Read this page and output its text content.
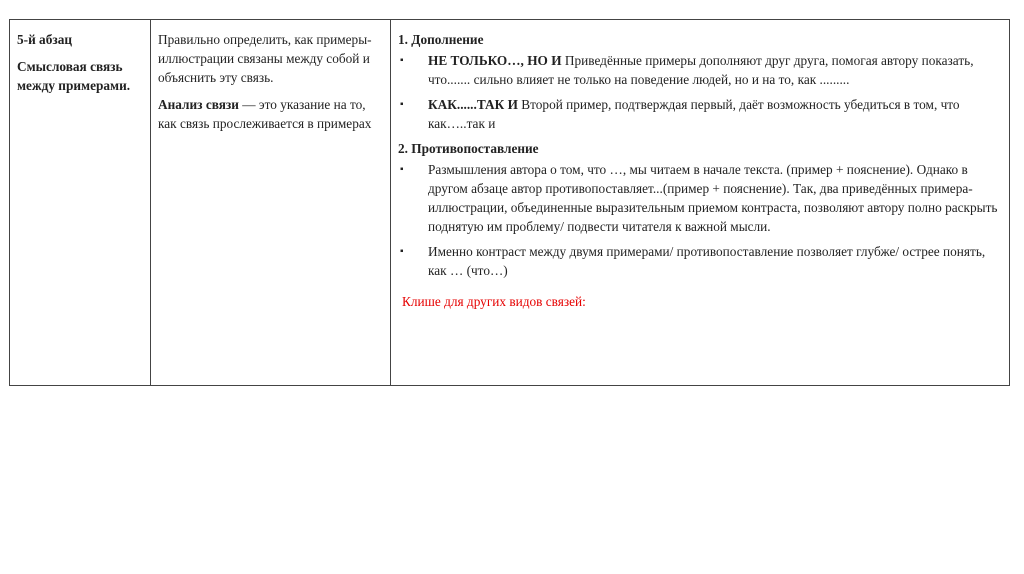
5-й абзац

Смысловая связь между примерами.

Правильно определить, как примеры-иллюстрации связаны между собой и объяснить эту связь.

Анализ связи — это указание на то, как связь прослеживается в примерах

1. Дополнение

▪ НЕ ТОЛЬКО…, НО И Приведённые примеры дополняют друг друга, помогая автору показать, что....... сильно влияет не только на поведение людей, но и на то, как .........
▪ КАК......ТАК И Второй пример, подтверждая первый, даёт возможность убедиться в том, что как…..так и

2. Противопоставление

▪ Размышления автора о том, что …, мы читаем в начале текста. (пример + пояснение). Однако в другом абзаце автор противопоставляет...(пример + пояснение). Так, два приведённых примера-иллюстрации, объединенные выразительным приемом контраста, позволяют автору полно раскрыть поднятую им проблему/ подвести читателя к важной мысли.
▪ Именно контраст между двумя примерами/ противопоставление позволяет глубже/ острее понять, как … (что…)

Клише для других видов связей:
